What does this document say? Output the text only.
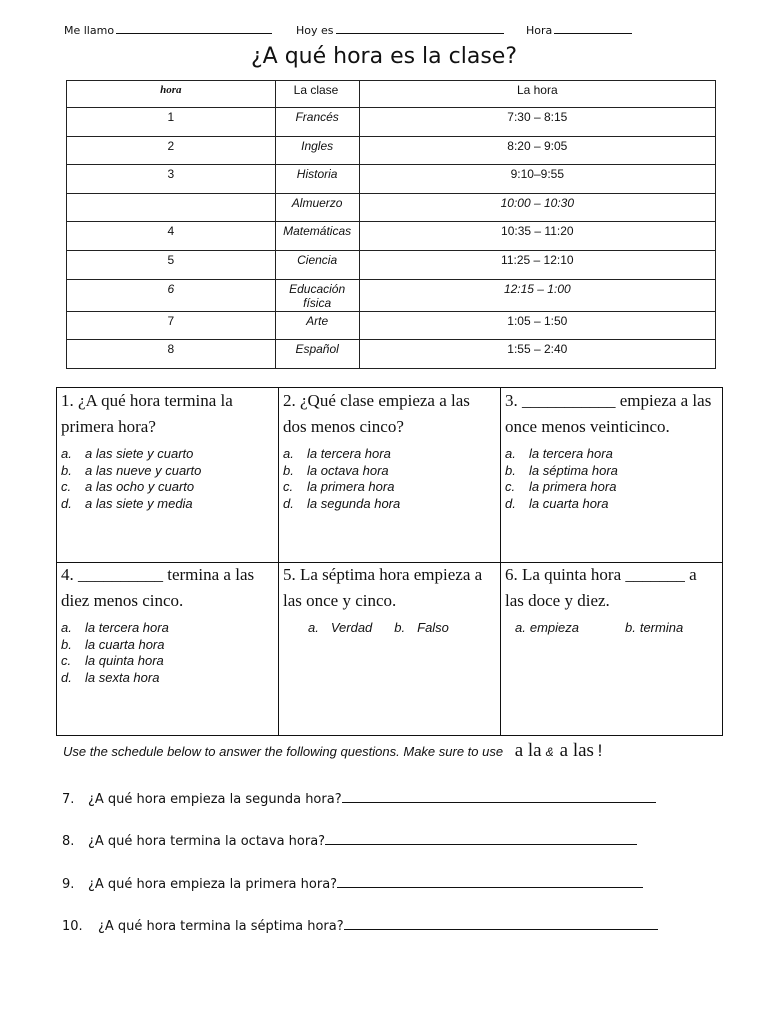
Me llamo	Hoy es	Hora
¿A qué hora es la clase?
hora	La clase	La hora
1	Francés	7:30 – 8:15
2	Ingles	8:20 – 9:05
3	Historia	9:10–9:55
	Almuerzo	10:00 – 10:30
4	Matemáticas	10:35 – 11:20
5	Ciencia	11:25 – 12:10
6	Educación física	12:15 – 1:00
7	Arte	1:05 – 1:50
8	Español	1:55 – 2:40
1. ¿A qué hora termina la primera hora?
a. a las siete y cuarto
b. a las nueve y cuarto
c. a las ocho y cuarto
d. a las siete y media
2. ¿Qué clase empieza a las dos menos cinco?
a. la tercera hora
b. la octava hora
c. la primera hora
d. la segunda hora
3. ___________ empieza a las once menos veinticinco.
a. la tercera hora
b. la séptima hora
c. la primera hora
d. la cuarta hora
4. __________ termina a las diez menos cinco.
a. la tercera hora
b. la cuarta hora
c. la quinta hora
d. la sexta hora
5. La séptima hora empieza a las once y cinco.
a. Verdad b. Falso
6. La quinta hora _______ a las doce y diez.
a. empieza	b. termina
Use the schedule below to answer the following questions. Make sure to use a la & a las !
7. ¿A qué hora empieza la segunda hora?
8. ¿A qué hora termina la octava hora?
9. ¿A qué hora empieza la primera hora?
10. ¿A qué hora termina la séptima hora?
